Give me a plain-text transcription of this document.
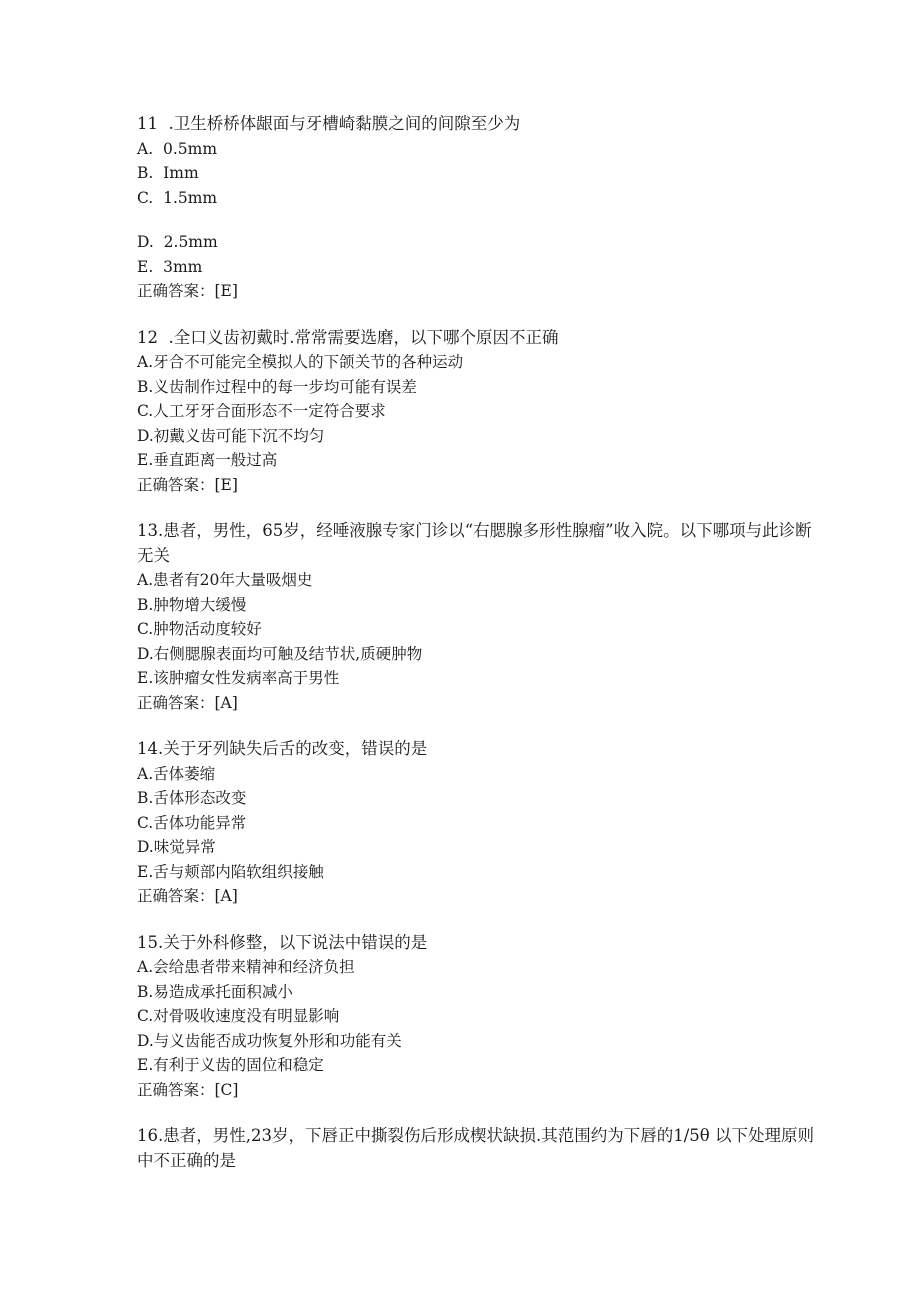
11  .卫生桥桥体龈面与牙槽崎黏膜之间的间隙至少为

A.  0.5mm

B.  Imm

C.  1.5mm

D.  2.5mm

E.  3mm

正确答案：[E]

12  .全口义齿初戴时.常常需要选磨，以下哪个原因不正确

A.牙合不可能完全模拟人的下颌关节的各种运动

B.义齿制作过程中的每一步均可能有误差

C.人工牙牙合面形态不一定符合要求

D.初戴义齿可能下沉不均匀

E.垂直距离一般过高

正确答案：[E]

13.患者，男性，65岁，经唾液腺专家门诊以“右腮腺多形性腺瘤”收入院。以下哪项与此诊断无关

A.患者有20年大量吸烟史

B.肿物增大缓慢

C.肿物活动度较好

D.右侧腮腺表面均可触及结节状,质硬肿物

E.该肿瘤女性发病率高于男性

正确答案：[A]

14.关于牙列缺失后舌的改变，错误的是

A.舌体萎缩

B.舌体形态改变

C.舌体功能异常

D.味觉异常

E.舌与颊部内陷软组织接触

正确答案：[A]

15.关于外科修整，以下说法中错误的是

A.会给患者带来精神和经济负担

B.易造成承托面积减小

C.对骨吸收速度没有明显影响

D.与义齿能否成功恢复外形和功能有关

E.有利于义齿的固位和稳定

正确答案：[C]

16.患者，男性,23岁，下唇正中撕裂伤后形成楔状缺损.其范围约为下唇的1/5θ 以下处理原则中不正确的是
